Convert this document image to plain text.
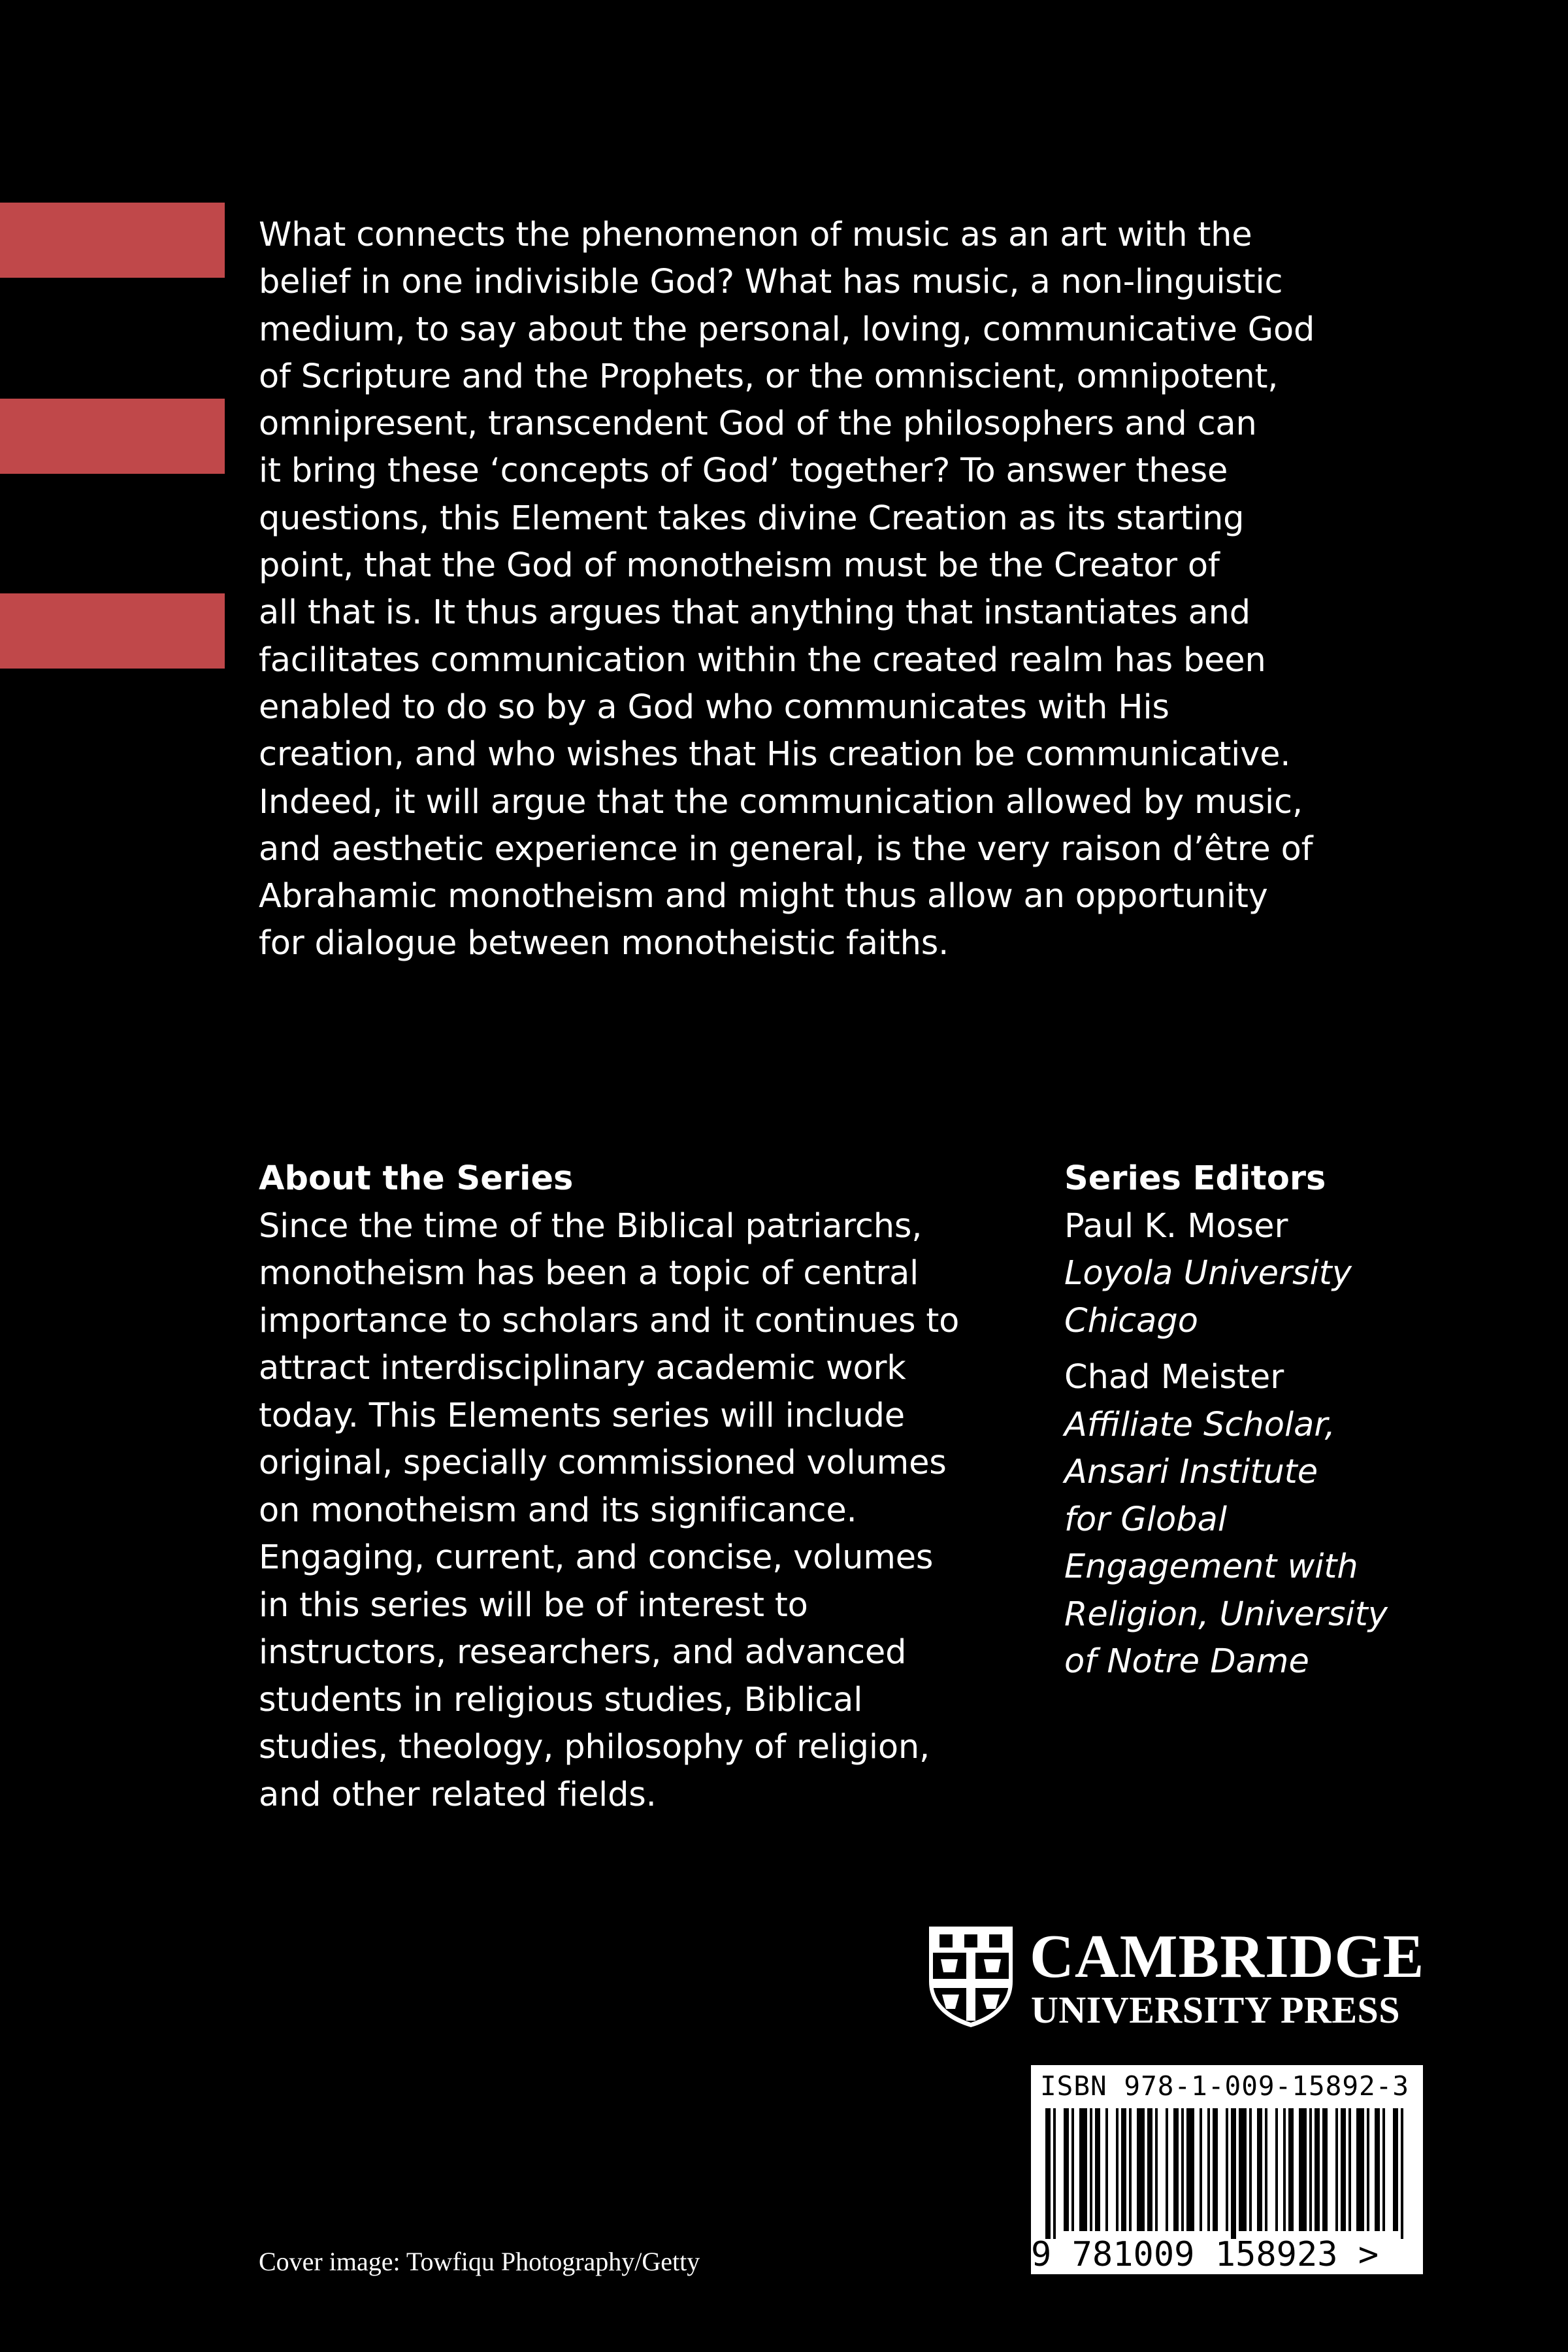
What connects the phenomenon of music as an art with the
belief in one indivisible God? What has music, a non-linguistic
medium, to say about the personal, loving, communicative God
of Scripture and the Prophets, or the omniscient, omnipotent,
omnipresent, transcendent God of the philosophers and can
it bring these ‘concepts of God’ together? To answer these
questions, this Element takes divine Creation as its starting
point, that the God of monotheism must be the Creator of
all that is. It thus argues that anything that instantiates and
facilitates communication within the created realm has been
enabled to do so by a God who communicates with His
creation, and who wishes that His creation be communicative.
Indeed, it will argue that the communication allowed by music,
and aesthetic experience in general, is the very raison d’être of
Abrahamic monotheism and might thus allow an opportunity
for dialogue between monotheistic faiths.

About the Series
Since the time of the Biblical patriarchs,
monotheism has been a topic of central
importance to scholars and it continues to
attract interdisciplinary academic work
today. This Elements series will include
original, specially commissioned volumes
on monotheism and its significance.
Engaging, current, and concise, volumes
in this series will be of interest to
instructors, researchers, and advanced
students in religious studies, Biblical
studies, theology, philosophy of religion,
and other related fields.
Series Editors
Paul K. Moser
Loyola University
Chicago
Chad Meister
Affiliate Scholar,
Ansari Institute
for Global
Engagement with
Religion, University
of Notre Dame
CAMBRIDGE
UNIVERSITY PRESS
ISBN 978-1-009-15892-3
9 781009 158923 >
Cover image: Towfiqu Photography/Getty
